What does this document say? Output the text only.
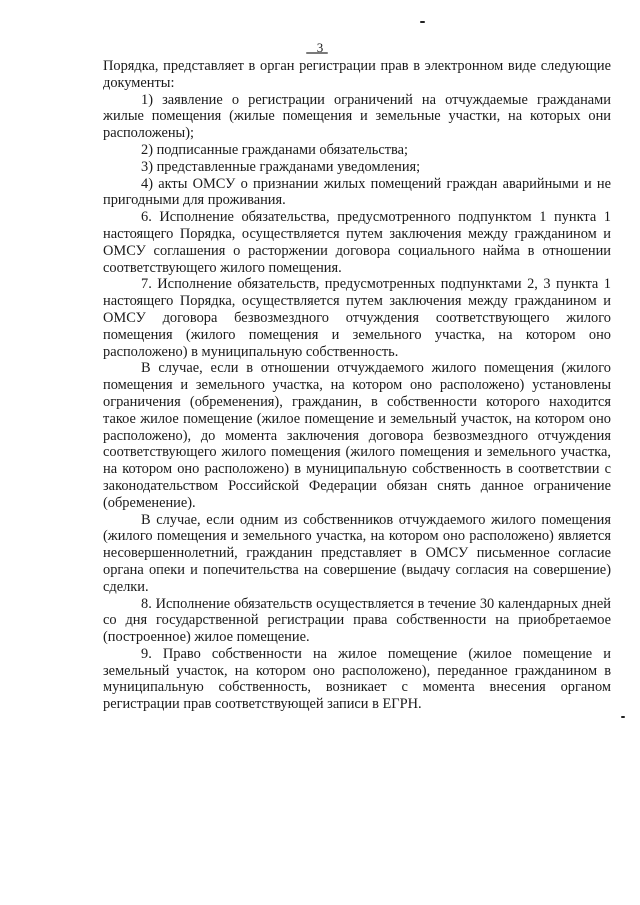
3

Порядка, представляет в орган регистрации прав в электронном виде следующие документы:

1) заявление о регистрации ограничений на отчуждаемые гражданами жилые помещения (жилые помещения и земельные участки, на которых они расположены);

2) подписанные гражданами обязательства;

3) представленные гражданами уведомления;

4) акты ОМСУ о признании жилых помещений граждан аварийными и не пригодными для проживания.

6. Исполнение обязательства, предусмотренного подпунктом 1 пункта 1 настоящего Порядка, осуществляется путем заключения между гражданином и ОМСУ соглашения о расторжении договора социального найма в отношении соответствующего жилого помещения.

7. Исполнение обязательств, предусмотренных подпунктами 2, 3 пункта 1 настоящего Порядка, осуществляется путем заключения между гражданином и ОМСУ договора безвозмездного отчуждения соответствующего жилого помещения (жилого помещения и земельного участка, на котором оно расположено) в муниципальную собственность.

В случае, если в отношении отчуждаемого жилого помещения (жилого помещения и земельного участка, на котором оно расположено) установлены ограничения (обременения), гражданин, в собственности которого находится такое жилое помещение (жилое помещение и земельный участок, на котором оно расположено), до момента заключения договора безвозмездного отчуждения соответствующего жилого помещения (жилого помещения и земельного участка, на котором оно расположено) в муниципальную собственность в соответствии с законодательством Российской Федерации обязан снять данное ограничение (обременение).

В случае, если одним из собственников отчуждаемого жилого помещения (жилого помещения и земельного участка, на котором оно расположено) является несовершеннолетний, гражданин представляет в ОМСУ письменное согласие органа опеки и попечительства на совершение (выдачу согласия на совершение) сделки.

8. Исполнение обязательств осуществляется в течение 30 календарных дней со дня государственной регистрации права собственности на приобретаемое (построенное) жилое помещение.

9. Право собственности на жилое помещение (жилое помещение и земельный участок, на котором оно расположено), переданное гражданином в муниципальную собственность, возникает с момента внесения органом регистрации прав соответствующей записи в ЕГРН.
